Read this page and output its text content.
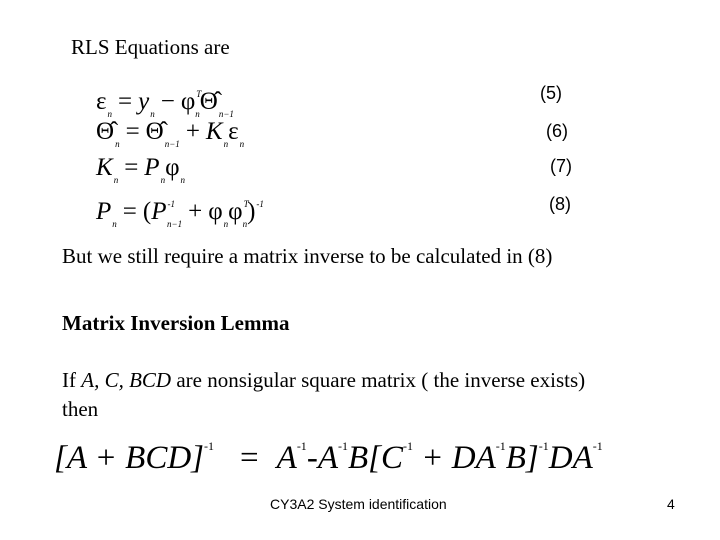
RLS Equations are
$\varepsilon_n = y_n$ − $\varphi^T_n\Thetâ_{n-1}$
(5)
$\Thetâ_n$ = $\Thetâ_{n-1} + K_n\varepsilon_n$
(6)
$K_n = P_n\varphi_n$
(7)
$P_n = (P^{-1}_{n-1} + \varphi_n\varphi^T_n)^{-1}$	(8)
But we still require a matrix inverse to be calculated in (8)
Matrix Inversion Lemma
If A, C, BCD are nonsigular square matrix ( the inverse exists)
then
$[A + BCD]^{-1} = A^{-1}-A^{-1}B[C^{-1} + DA^{-1}B]^{-1}DA^{-1}$
CY3A2 System identification	4
